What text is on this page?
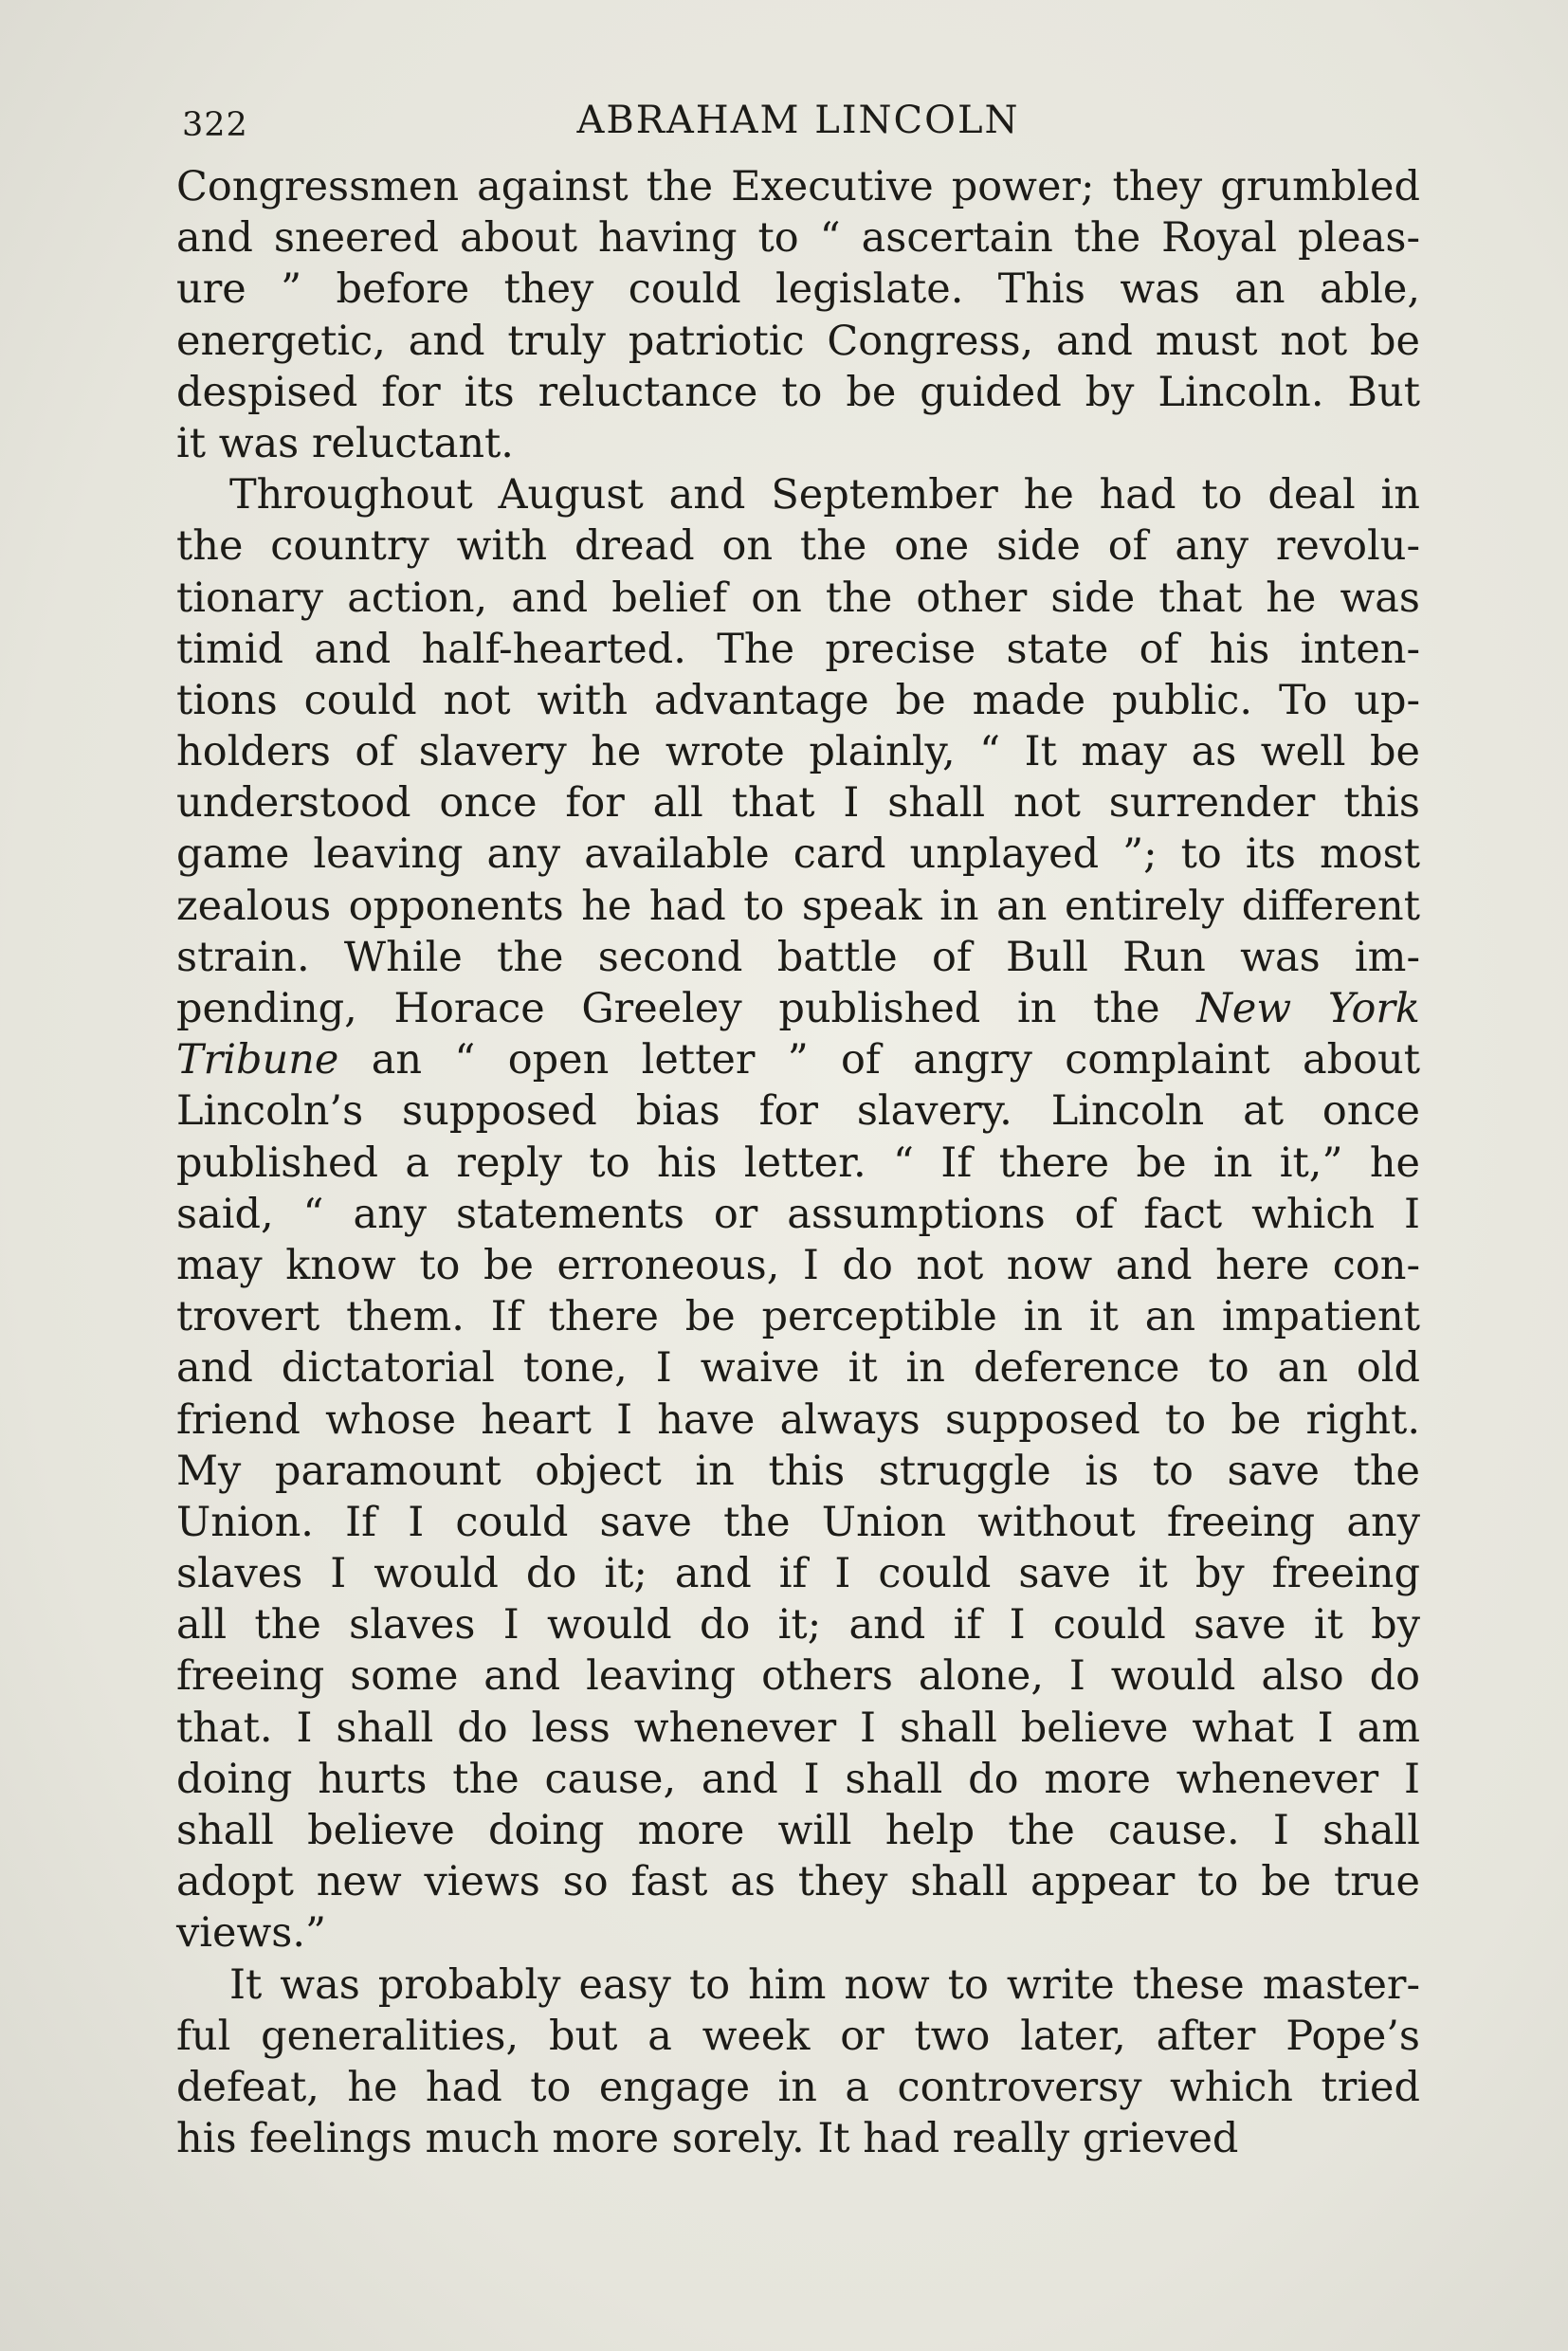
322	ABRAHAM LINCOLN
Congressmen against the Executive power; they grumbled
and sneered about having to “ ascertain the Royal pleas-
ure ” before they could legislate. This was an able,
energetic, and truly patriotic Congress, and must not be
despised for its reluctance to be guided by Lincoln. But
it was reluctant.
Throughout August and September he had to deal in
the country with dread on the one side of any revolu-
tionary action, and belief on the other side that he was
timid and half-hearted. The precise state of his inten-
tions could not with advantage be made public. To up-
holders of slavery he wrote plainly, “ It may as well be
understood once for all that I shall not surrender this
game leaving any available card unplayed ”; to its most
zealous opponents he had to speak in an entirely different
strain. While the second battle of Bull Run was im-
pending, Horace Greeley published in the New York
Tribune an “ open letter ” of angry complaint about
Lincoln’s supposed bias for slavery. Lincoln at once
published a reply to his letter. “ If there be in it,” he
said, “ any statements or assumptions of fact which I
may know to be erroneous, I do not now and here con-
trovert them. If there be perceptible in it an impatient
and dictatorial tone, I waive it in deference to an old
friend whose heart I have always supposed to be right.
My paramount object in this struggle is to save the
Union. If I could save the Union without freeing any
slaves I would do it; and if I could save it by freeing
all the slaves I would do it; and if I could save it by
freeing some and leaving others alone, I would also do
that. I shall do less whenever I shall believe what I am
doing hurts the cause, and I shall do more whenever I
shall believe doing more will help the cause. I shall
adopt new views so fast as they shall appear to be true
views.”
It was probably easy to him now to write these master-
ful generalities, but a week or two later, after Pope’s
defeat, he had to engage in a controversy which tried
his feelings much more sorely. It had really grieved
